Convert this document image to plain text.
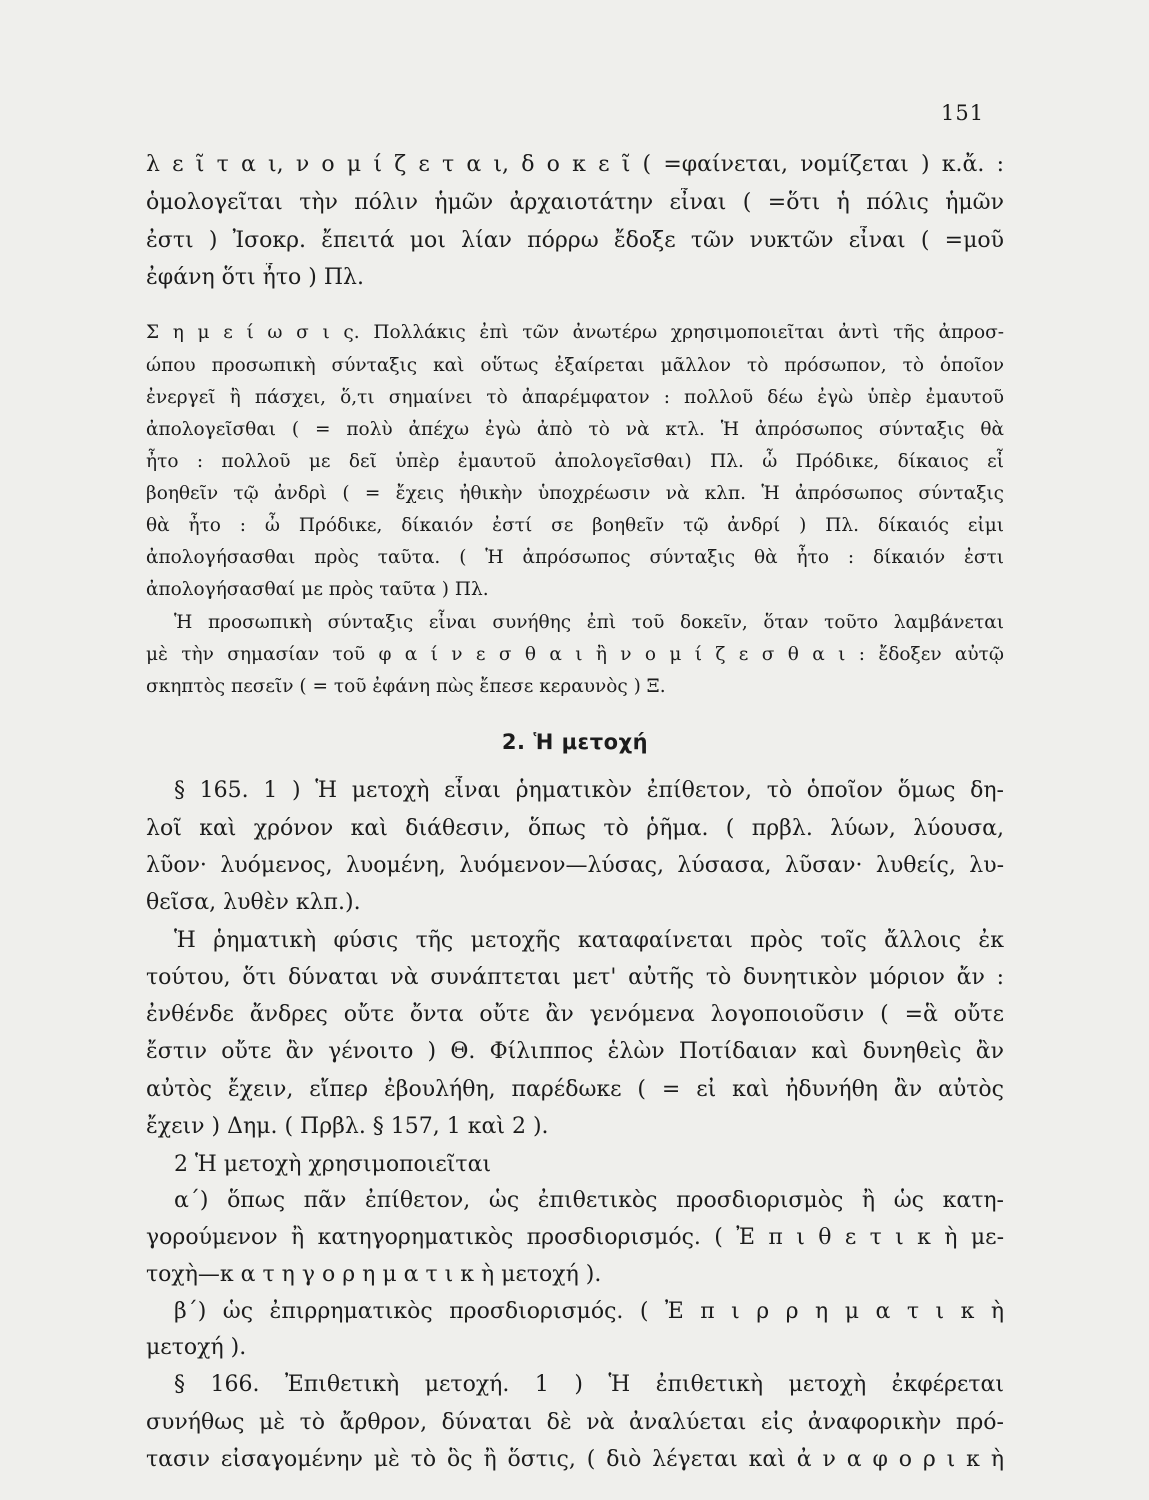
151
λ ε ῖ τ α ι, ν ο μ ί ζ ε τ α ι, δ ο κ ε ῖ ( =φαίνεται, νομίζεται ) κ.ἄ. :
ὁμολογεῖται τὴν πόλιν ἡμῶν ἀρχαιοτάτην εἶναι ( =ὅτι ἡ πόλις ἡμῶν
ἐστι ) Ἰσοκρ. ἔπειτά μοι λίαν πόρρω ἔδοξε τῶν νυκτῶν εἶναι ( =μοῦ
ἐφάνη ὅτι ἦτο ) Πλ.
Σ η μ ε ί ω σ ι ς. Πολλάκις ἐπὶ τῶν ἀνωτέρω χρησιμοποιεῖται ἀντὶ τῆς ἀπροσ-
ώπου προσωπικὴ σύνταξις καὶ οὕτως ἐξαίρεται μᾶλλον τὸ πρόσωπον, τὸ ὁποῖον
ἐνεργεῖ ἢ πάσχει, ὅ,τι σημαίνει τὸ ἀπαρέμφατον : πολλοῦ δέω ἐγὼ ὑπὲρ ἐμαυτοῦ
ἀπολογεῖσθαι ( = πολὺ ἀπέχω ἐγὼ ἀπὸ τὸ νὰ κτλ. Ἡ ἀπρόσωπος σύνταξις θὰ
ἦτο : πολλοῦ με δεῖ ὑπὲρ ἐμαυτοῦ ἀπολογεῖσθαι) Πλ. ὦ Πρόδικε, δίκαιος εἶ
βοηθεῖν τῷ ἀνδρὶ ( = ἔχεις ἠθικὴν ὑποχρέωσιν νὰ κλπ. Ἡ ἀπρόσωπος σύνταξις
θὰ ἦτο : ὦ Πρόδικε, δίκαιόν ἐστί σε βοηθεῖν τῷ ἀνδρί ) Πλ. δίκαιός εἰμι
ἀπολογήσασθαι πρὸς ταῦτα. ( Ἡ ἀπρόσωπος σύνταξις θὰ ἦτο : δίκαιόν ἐστι
ἀπολογήσασθαί με πρὸς ταῦτα ) Πλ.
Ἡ προσωπικὴ σύνταξις εἶναι συνήθης ἐπὶ τοῦ δοκεῖν, ὅταν τοῦτο λαμβάνεται
μὲ τὴν σημασίαν τοῦ φ α ί ν ε σ θ α ι ἢ ν ο μ ί ζ ε σ θ α ι : ἔδοξεν αὐτῷ
σκηπτὸς πεσεῖν ( = τοῦ ἐφάνη πὼς ἔπεσε κεραυνὸς ) Ξ.
2. Ἡ μετοχή
§ 165. 1 ) Ἡ μετοχὴ εἶναι ῥηματικὸν ἐπίθετον, τὸ ὁποῖον ὅμως δη-
λοῖ καὶ χρόνον καὶ διάθεσιν, ὅπως τὸ ῥῆμα. ( πρβλ. λύων, λύουσα,
λῦον· λυόμενος, λυομένη, λυόμενον—λύσας, λύσασα, λῦσαν· λυθείς, λυ-
θεῖσα, λυθὲν κλπ.).
Ἡ ῥηματικὴ φύσις τῆς μετοχῆς καταφαίνεται πρὸς τοῖς ἄλλοις ἐκ
τούτου, ὅτι δύναται νὰ συνάπτεται μετ' αὐτῆς τὸ δυνητικὸν μόριον ἄν :
ἐνθένδε ἄνδρες οὔτε ὄντα οὔτε ἂν γενόμενα λογοποιοῦσιν ( =ἃ οὔτε
ἔστιν οὔτε ἂν γένοιτο ) Θ. Φίλιππος ἑλὼν Ποτίδαιαν καὶ δυνηθεὶς ἂν
αὐτὸς ἔχειν, εἴπερ ἐβουλήθη, παρέδωκε ( = εἰ καὶ ἠδυνήθη ἂν αὐτὸς
ἔχειν ) Δημ. ( Πρβλ. § 157, 1 καὶ 2 ).
2 Ἡ μετοχὴ χρησιμοποιεῖται
α΄) ὅπως πᾶν ἐπίθετον, ὡς ἐπιθετικὸς προσδιορισμὸς ἢ ὡς κατη-
γορούμενον ἢ κατηγορηματικὸς προσδιορισμός. ( Ἐ π ι θ ε τ ι κ ὴ με-
τοχὴ—κ α τ η γ ο ρ η μ α τ ι κ ὴ μετοχή ).
β΄) ὡς ἐπιρρηματικὸς προσδιορισμός. ( Ἐ π ι ρ ρ η μ α τ ι κ ὴ
μετοχή ).
§ 166. Ἐπιθετικὴ μετοχή. 1 ) Ἡ ἐπιθετικὴ μετοχὴ ἐκφέρεται
συνήθως μὲ τὸ ἄρθρον, δύναται δὲ νὰ ἀναλύεται εἰς ἀναφορικὴν πρό-
τασιν εἰσαγομένην μὲ τὸ ὃς ἢ ὅστις, ( διὸ λέγεται καὶ ἀ ν α φ ο ρ ι κ ὴ
